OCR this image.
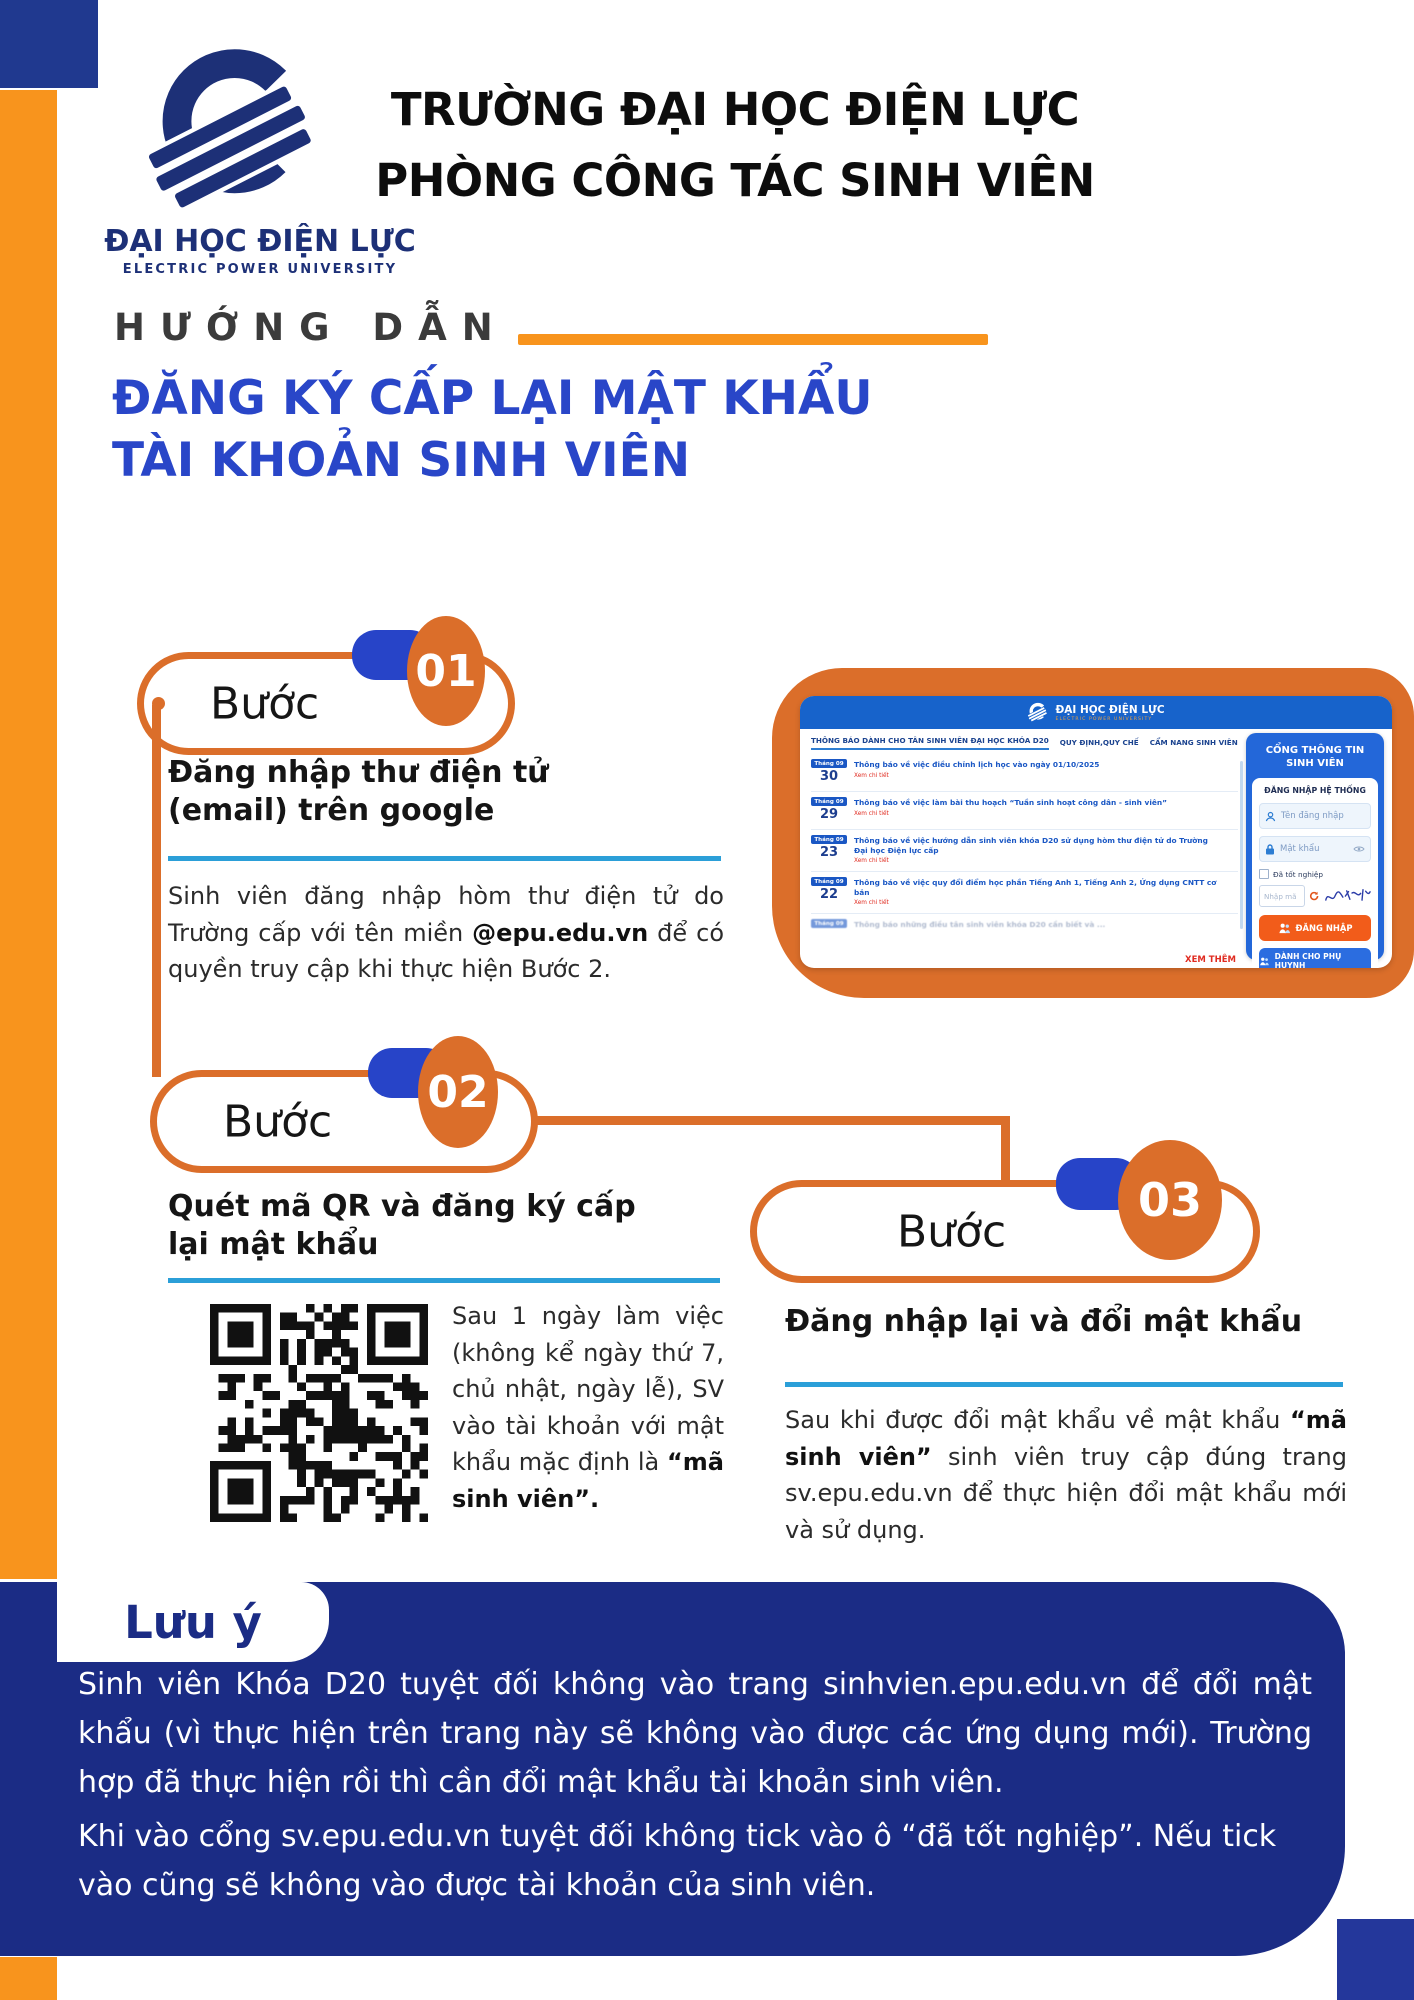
ĐẠI HỌC ĐIỆN LỰC
ELECTRIC POWER UNIVERSITY
TRƯỜNG ĐẠI HỌC ĐIỆN LỰC
PHÒNG CÔNG TÁC SINH VIÊN
HƯỚNG DẪN
ĐĂNG KÝ CẤP LẠI MẬT KHẨU
TÀI KHOẢN SINH VIÊN
Bước
01
Bước
02
Bước
03
Đăng nhập thư điện tử (email) trên google
Sinh viên đăng nhập hòm thư điện tử do Trường cấp với tên miền @epu.edu.vn để có quyền truy cập khi thực hiện Bước 2.
ĐẠI HỌC ĐIỆN LỰC
ELECTRIC POWER UNIVERSITY
THÔNG BÁO DÀNH CHO TÂN SINH VIÊN ĐẠI HỌC KHÓA D20 QUY ĐỊNH,QUY CHẾ CẨM NANG SINH VIÊN
Tháng 09
30
Thông báo về việc điều chỉnh lịch học vào ngày 01/10/2025
Xem chi tiết
Tháng 09
29
Thông báo về việc làm bài thu hoạch “Tuần sinh hoạt công dân - sinh viên”
Xem chi tiết
Tháng 09
23
Thông báo về việc hướng dẫn sinh viên khóa D20 sử dụng hòm thư điện tử do Trường Đại học Điện lực cấp
Xem chi tiết
Tháng 09
22
Thông báo về việc quy đổi điểm học phần Tiếng Anh 1, Tiếng Anh 2, Ứng dụng CNTT cơ bản
Xem chi tiết
Tháng 09	Thông báo những điều tân sinh viên khóa D20 cần biết và ...
XEM THÊM
CỔNG THÔNG TIN SINH VIÊN
ĐĂNG NHẬP HỆ THỐNG
Tên đăng nhập
Mật khẩu
Đã tốt nghiệp
Nhập mã
ĐĂNG NHẬP
DÀNH CHO PHỤ HUYNH
Quét mã QR và đăng ký cấp lại mật khẩu
Sau 1 ngày làm việc (không kể ngày thứ 7, chủ nhật, ngày lễ), SV vào tài khoản với mật khẩu mặc định là “mã sinh viên”.
Đăng nhập lại và đổi mật khẩu
Sau khi được đổi mật khẩu về mật khẩu “mã sinh viên” sinh viên truy cập đúng trang sv.epu.edu.vn để thực hiện đổi mật khẩu mới và sử dụng.
Lưu ý
Sinh viên Khóa D20 tuyệt đối không vào trang sinhvien.epu.edu.vn để đổi mật khẩu (vì thực hiện trên trang này sẽ không vào được các ứng dụng mới). Trường hợp đã thực hiện rồi thì cần đổi mật khẩu tài khoản sinh viên.
Khi vào cổng sv.epu.edu.vn tuyệt đối không tick vào ô “đã tốt nghiệp”. Nếu tick vào cũng sẽ không vào được tài khoản của sinh viên.
